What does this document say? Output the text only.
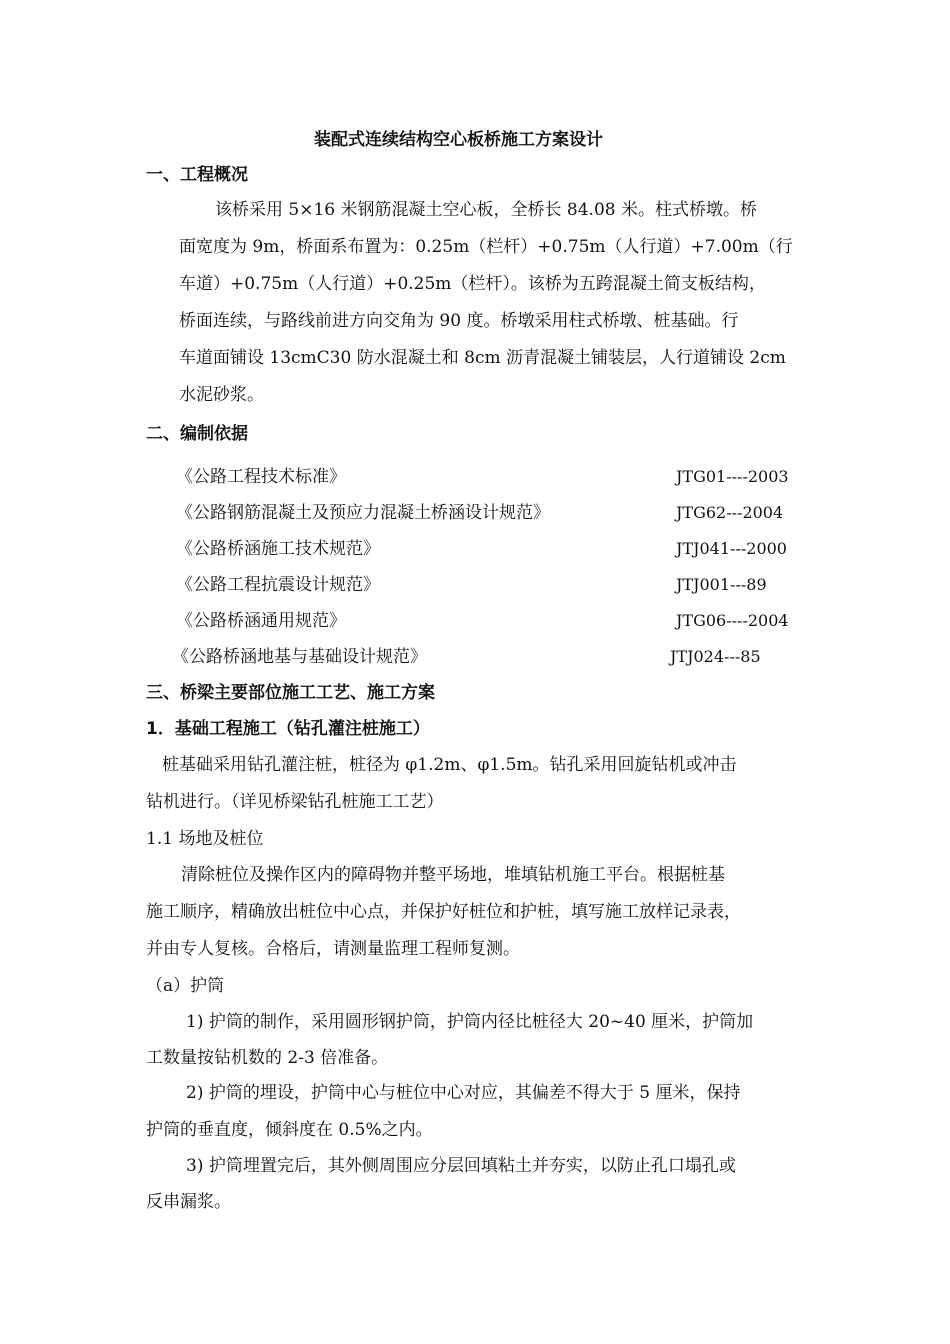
装配式连续结构空心板桥施工方案设计
一、工程概况
该桥采用 5×16 米钢筋混凝土空心板，全桥长 84.08 米。柱式桥墩。桥
面宽度为 9m，桥面系布置为：0.25m（栏杆）+0.75m（人行道）+7.00m（行
车道）+0.75m（人行道）+0.25m（栏杆）。该桥为五跨混凝土简支板结构，
桥面连续，与路线前进方向交角为 90 度。桥墩采用柱式桥墩、桩基础。行
车道面铺设 13cmC30 防水混凝土和 8cm 沥青混凝土铺装层，人行道铺设 2cm
水泥砂浆。
二、编制依据
《公路工程技术标准》	JTG01----2003
《公路钢筋混凝土及预应力混凝土桥涵设计规范》	JTG62---2004
《公路桥涵施工技术规范》	JTJ041---2000
《公路工程抗震设计规范》	JTJ001---89
《公路桥涵通用规范》	JTG06----2004
《公路桥涵地基与基础设计规范》	JTJ024---85
三、桥梁主要部位施工工艺、施工方案
1．基础工程施工（钻孔灌注桩施工）
桩基础采用钻孔灌注桩，桩径为 φ1.2m、φ1.5m。钻孔采用回旋钻机或冲击
钻机进行。（详见桥梁钻孔桩施工工艺）
1.1 场地及桩位
清除桩位及操作区内的障碍物并整平场地，堆填钻机施工平台。根据桩基
施工顺序，精确放出桩位中心点，并保护好桩位和护桩，填写施工放样记录表，
并由专人复核。合格后，请测量监理工程师复测。
（a）护筒
1) 护筒的制作，采用圆形钢护筒，护筒内径比桩径大 20~40 厘米，护筒加
工数量按钻机数的 2-3 倍准备。
2) 护筒的埋设，护筒中心与桩位中心对应，其偏差不得大于 5 厘米，保持
护筒的垂直度，倾斜度在 0.5%之内。
3) 护筒埋置完后，其外侧周围应分层回填粘土并夯实，以防止孔口塌孔或
反串漏浆。
